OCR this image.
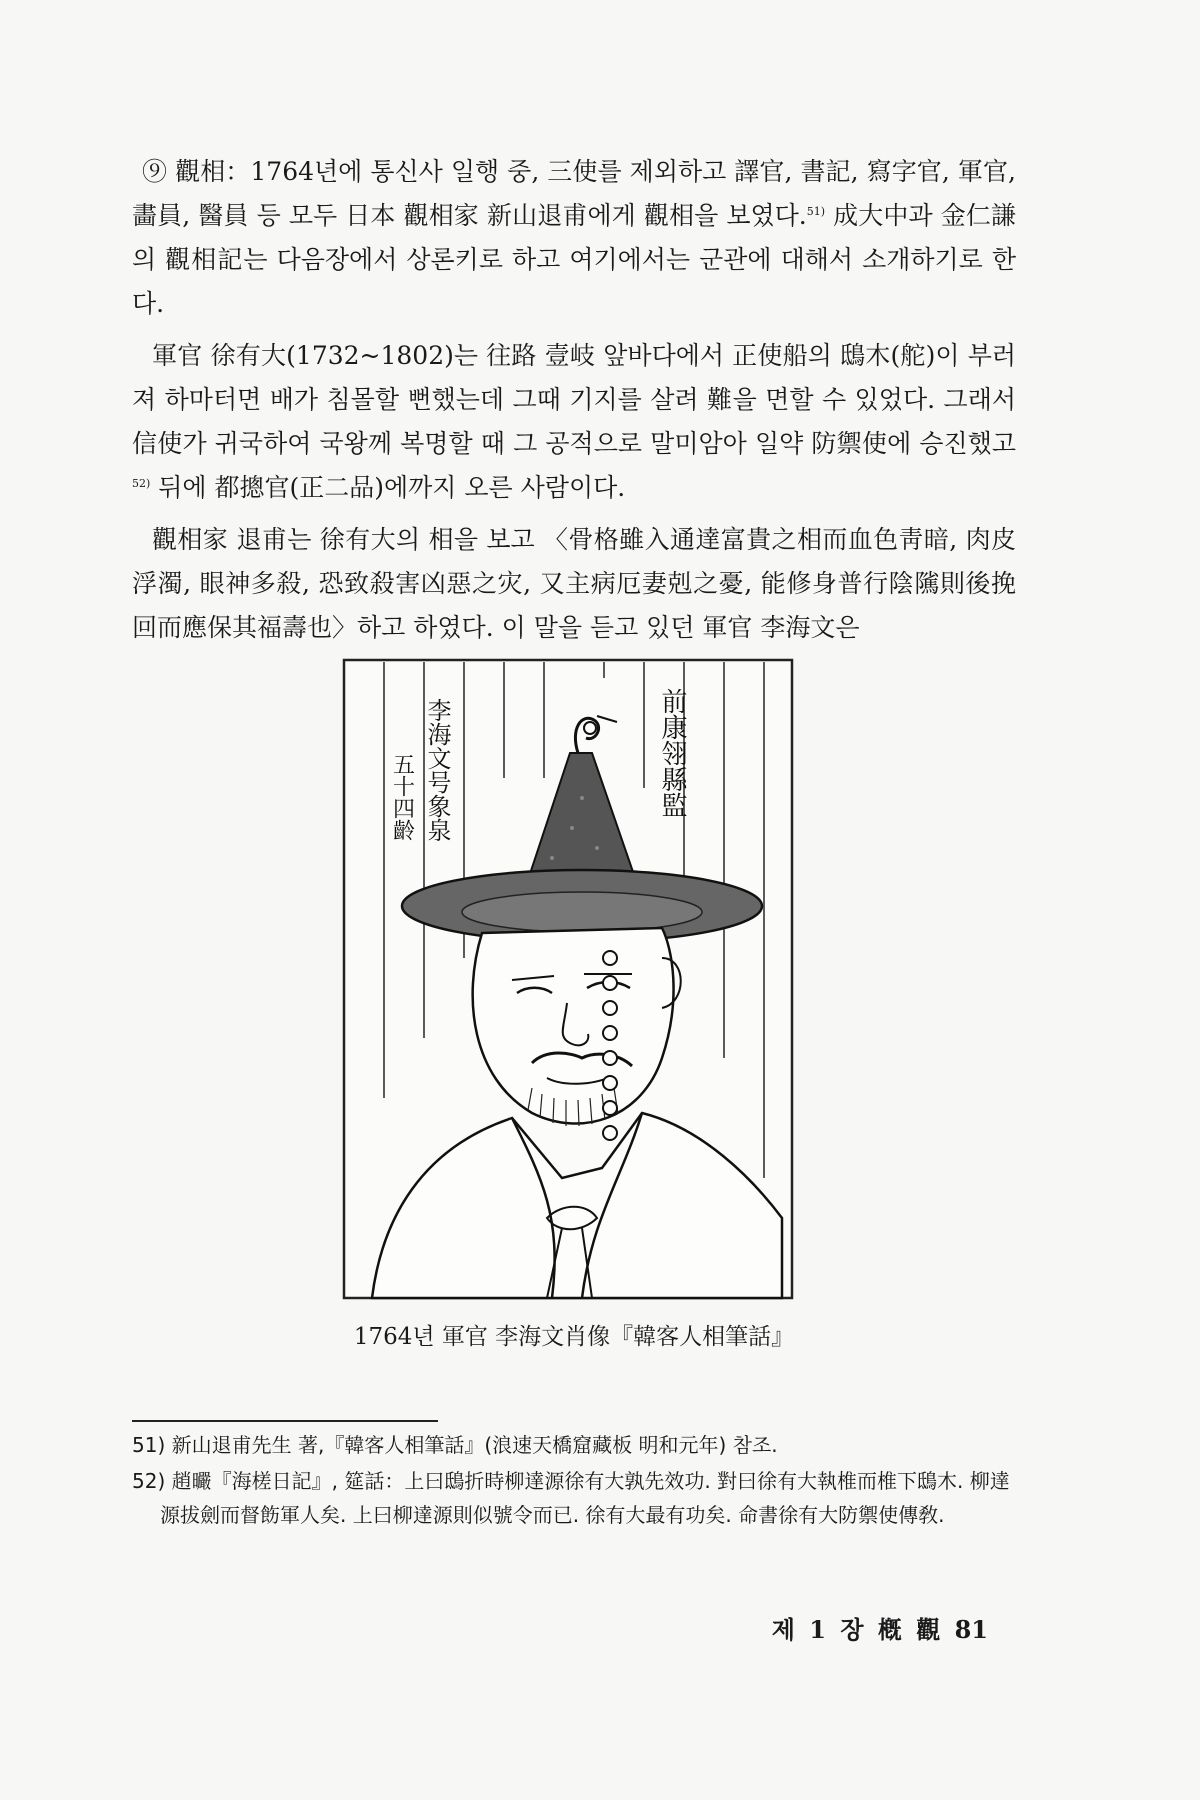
⑨ 觀相：1764년에 통신사 일행 중, 三使를 제외하고 譯官, 書記, 寫字官, 軍官, 畵員, 醫員 등 모두 日本 觀相家 新山退甫에게 觀相을 보였다.$^{51)}$ 成大中과 金仁謙의 觀相記는 다음장에서 상론키로 하고 여기에서는 군관에 대해서 소개하기로 한다.

軍官 徐有大(1732~1802)는 往路 壹岐 앞바다에서 正使船의 鴟木(舵)이 부러져 하마터면 배가 침몰할 뻔했는데 그때 기지를 살려 難을 면할 수 있었다. 그래서 信使가 귀국하여 국왕께 복명할 때 그 공적으로 말미암아 일약 防禦使에 승진했고$^{52)}$ 뒤에 都摠官(正二品)에까지 오른 사람이다.

觀相家 退甫는 徐有大의 相을 보고 〈骨格雖入通達富貴之相而血色靑暗, 肉皮浮濁, 眼神多殺, 恐致殺害凶惡之灾, 又主病厄妻剋之憂, 能修身普行陰隲則後挽回而應保其福壽也〉하고 하였다. 이 말을 듣고 있던 軍官 李海文은

前康翎縣監
李海文号象泉
五十四齡
1764년 軍官 李海文肖像『韓客人相筆話』
51) 新山退甫先生 著,『韓客人相筆話』(浪速天橋窟藏板 明和元年) 참조.
52) 趙曮『海槎日記』, 筵話：上曰鴟折時柳達源徐有大孰先效功. 對曰徐有大執椎而椎下鴟木. 柳達源拔劍而督飭軍人矣. 上曰柳達源則似號令而已. 徐有大最有功矣. 命書徐有大防禦使傳敎.
제 1 장 槪 觀 81
